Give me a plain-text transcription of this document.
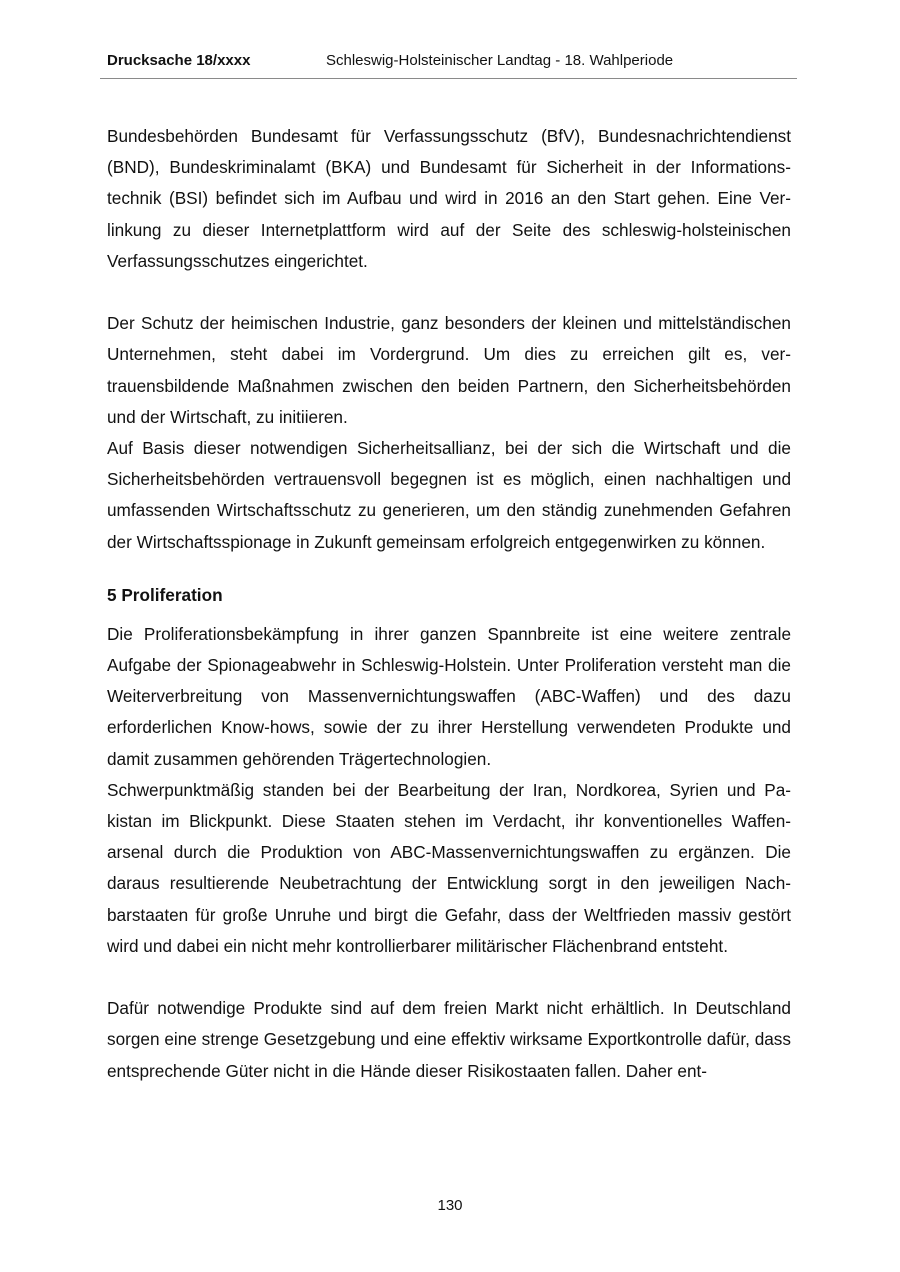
Drucksache 18/xxxx	Schleswig-Holsteinischer Landtag - 18. Wahlperiode

Bundesbehörden Bundesamt für Verfassungsschutz (BfV), Bundesnachrichtendienst (BND), Bundeskriminalamt (BKA) und Bundesamt für Sicherheit in der Informationstechnik (BSI) befindet sich im Aufbau und wird in 2016 an den Start gehen. Eine Verlinkung zu dieser Internetplattform wird auf der Seite des schleswig-holsteinischen Verfassungsschutzes eingerichtet.

Der Schutz der heimischen Industrie, ganz besonders der kleinen und mittelständischen Unternehmen, steht dabei im Vordergrund. Um dies zu erreichen gilt es, vertrauensbildende Maßnahmen zwischen den beiden Partnern, den Sicherheitsbehörden und der Wirtschaft, zu initiieren.

Auf Basis dieser notwendigen Sicherheitsallianz, bei der sich die Wirtschaft und die Sicherheitsbehörden vertrauensvoll begegnen ist es möglich, einen nachhaltigen und umfassenden Wirtschaftsschutz zu generieren, um den ständig zunehmenden Gefahren der Wirtschaftsspionage in Zukunft gemeinsam erfolgreich entgegenwirken zu können.

5 Proliferation

Die Proliferationsbekämpfung in ihrer ganzen Spannbreite ist eine weitere zentrale Aufgabe der Spionageabwehr in Schleswig-Holstein. Unter Proliferation versteht man die Weiterverbreitung von Massenvernichtungswaffen (ABC-Waffen) und des dazu erforderlichen Know-hows, sowie der zu ihrer Herstellung verwendeten Produkte und damit zusammen gehörenden Trägertechnologien.

Schwerpunktmäßig standen bei der Bearbeitung der Iran, Nordkorea, Syrien und Pakistan im Blickpunkt. Diese Staaten stehen im Verdacht, ihr konventionelles Waffenarsenal durch die Produktion von ABC-Massenvernichtungswaffen zu ergänzen. Die daraus resultierende Neubetrachtung der Entwicklung sorgt in den jeweiligen Nachbarstaaten für große Unruhe und birgt die Gefahr, dass der Weltfrieden massiv gestört wird und dabei ein nicht mehr kontrollierbarer militärischer Flächenbrand entsteht.

Dafür notwendige Produkte sind auf dem freien Markt nicht erhältlich. In Deutschland sorgen eine strenge Gesetzgebung und eine effektiv wirksame Exportkontrolle dafür, dass entsprechende Güter nicht in die Hände dieser Risikostaaten fallen. Daher ent-

130
